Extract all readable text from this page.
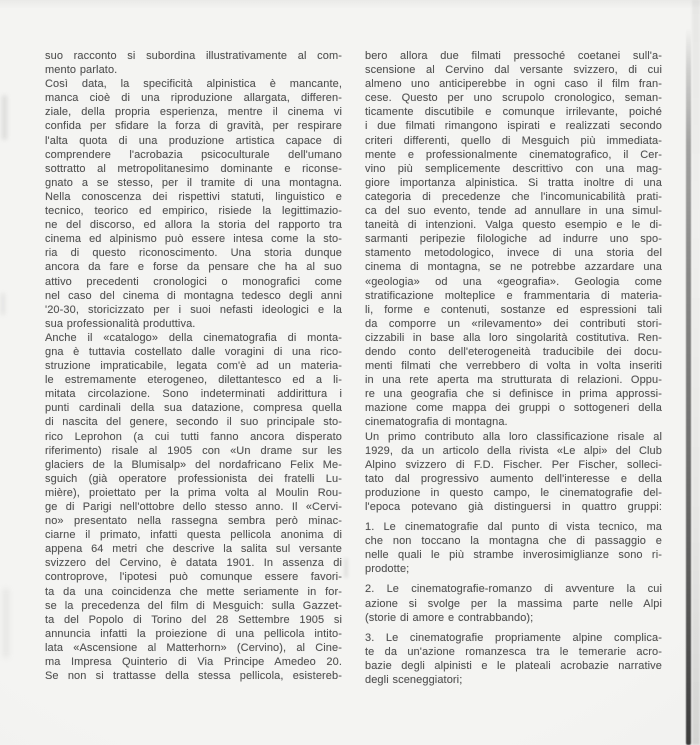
suo racconto si subordina illustrativamente al com-
mento parlato.
Così data, la specificità alpinistica è mancante,
manca cioè di una riproduzione allargata, differen-
ziale, della propria esperienza, mentre il cinema vi
confida per sfidare la forza di gravità, per respirare
l'alta quota di una produzione artistica capace di
comprendere l'acrobazia psicoculturale dell'umano
sottratto al metropolitanesimo dominante e riconse-
gnato a se stesso, per il tramite di una montagna.
Nella conoscenza dei rispettivi statuti, linguistico e
tecnico, teorico ed empirico, risiede la legittimazio-
ne del discorso, ed allora la storia del rapporto tra
cinema ed alpinismo può essere intesa come la sto-
ria di questo riconoscimento. Una storia dunque
ancora da fare e forse da pensare che ha al suo
attivo precedenti cronologici o monografici come
nel caso del cinema di montagna tedesco degli anni
'20-30, storicizzato per i suoi nefasti ideologici e la
sua professionalità produttiva.
Anche il «catalogo» della cinematografia di monta-
gna è tuttavia costellato dalle voragini di una rico-
struzione impraticabile, legata com'è ad un materia-
le estremamente eterogeneo, dilettantesco ed a li-
mitata circolazione. Sono indeterminati addirittura i
punti cardinali della sua datazione, compresa quella
di nascita del genere, secondo il suo principale sto-
rico Leprohon (a cui tutti fanno ancora disperato
riferimento) risale al 1905 con «Un drame sur les
glaciers de la Blumisalp» del nordafricano Felix Me-
sguich (già operatore professionista dei fratelli Lu-
mière), proiettato per la prima volta al Moulin Rou-
ge di Parigi nell'ottobre dello stesso anno. Il «Cervi-
no» presentato nella rassegna sembra però minac-
ciarne il primato, infatti questa pellicola anonima di
appena 64 metri che descrive la salita sul versante
svizzero del Cervino, è datata 1901. In assenza di
controprove, l'ipotesi può comunque essere favori-
ta da una coincidenza che mette seriamente in for-
se la precedenza del film di Mesguich: sulla Gazzet-
ta del Popolo di Torino del 28 Settembre 1905 si
annuncia infatti la proiezione di una pellicola intito-
lata «Ascensione al Matterhorn» (Cervino), al Cine-
ma Impresa Quinterio di Via Principe Amedeo 20.
Se non si trattasse della stessa pellicola, esistereb-
bero allora due filmati pressoché coetanei sull'a-
scensione al Cervino dal versante svizzero, di cui
almeno uno anticiperebbe in ogni caso il film fran-
cese. Questo per uno scrupolo cronologico, seman-
ticamente discutibile e comunque irrilevante, poiché
i due filmati rimangono ispirati e realizzati secondo
criteri differenti, quello di Mesguich più immediata-
mente e professionalmente cinematografico, il Cer-
vino più semplicemente descrittivo con una mag-
giore importanza alpinistica. Si tratta inoltre di una
categoria di precedenze che l'incomunicabilità prati-
ca del suo evento, tende ad annullare in una simul-
taneità di intenzioni. Valga questo esempio e le di-
sarmanti peripezie filologiche ad indurre uno spo-
stamento metodologico, invece di una storia del
cinema di montagna, se ne potrebbe azzardare una
«geologia» od una «geografia». Geologia come
stratificazione molteplice e frammentaria di materia-
li, forme e contenuti, sostanze ed espressioni tali
da comporre un «rilevamento» dei contributi stori-
cizzabili in base alla loro singolarità costitutiva. Ren-
dendo conto dell'eterogeneità traducibile dei docu-
menti filmati che verrebbero di volta in volta inseriti
in una rete aperta ma strutturata di relazioni. Oppu-
re una geografia che si definisce in prima approssi-
mazione come mappa dei gruppi o sottogeneri della
cinematografia di montagna.
Un primo contributo alla loro classificazione risale al
1929, da un articolo della rivista «Le alpi» del Club
Alpino svizzero di F.D. Fischer. Per Fischer, solleci-
tato dal progressivo aumento dell'interesse e della
produzione in questo campo, le cinematografie del-
l'epoca potevano già distinguersi in quattro gruppi:
1. Le cinematografie dal punto di vista tecnico, ma
che non toccano la montagna che di passaggio e
nelle quali le più strambe inverosimiglianze sono ri-
prodotte;
2. Le cinematografie-romanzo di avventure la cui
azione si svolge per la massima parte nelle Alpi
(storie di amore e contrabbando);
3. Le cinematografie propriamente alpine complica-
te da un'azione romanzesca tra le temerarie acro-
bazie degli alpinisti e le plateali acrobazie narrative
degli sceneggiatori;
